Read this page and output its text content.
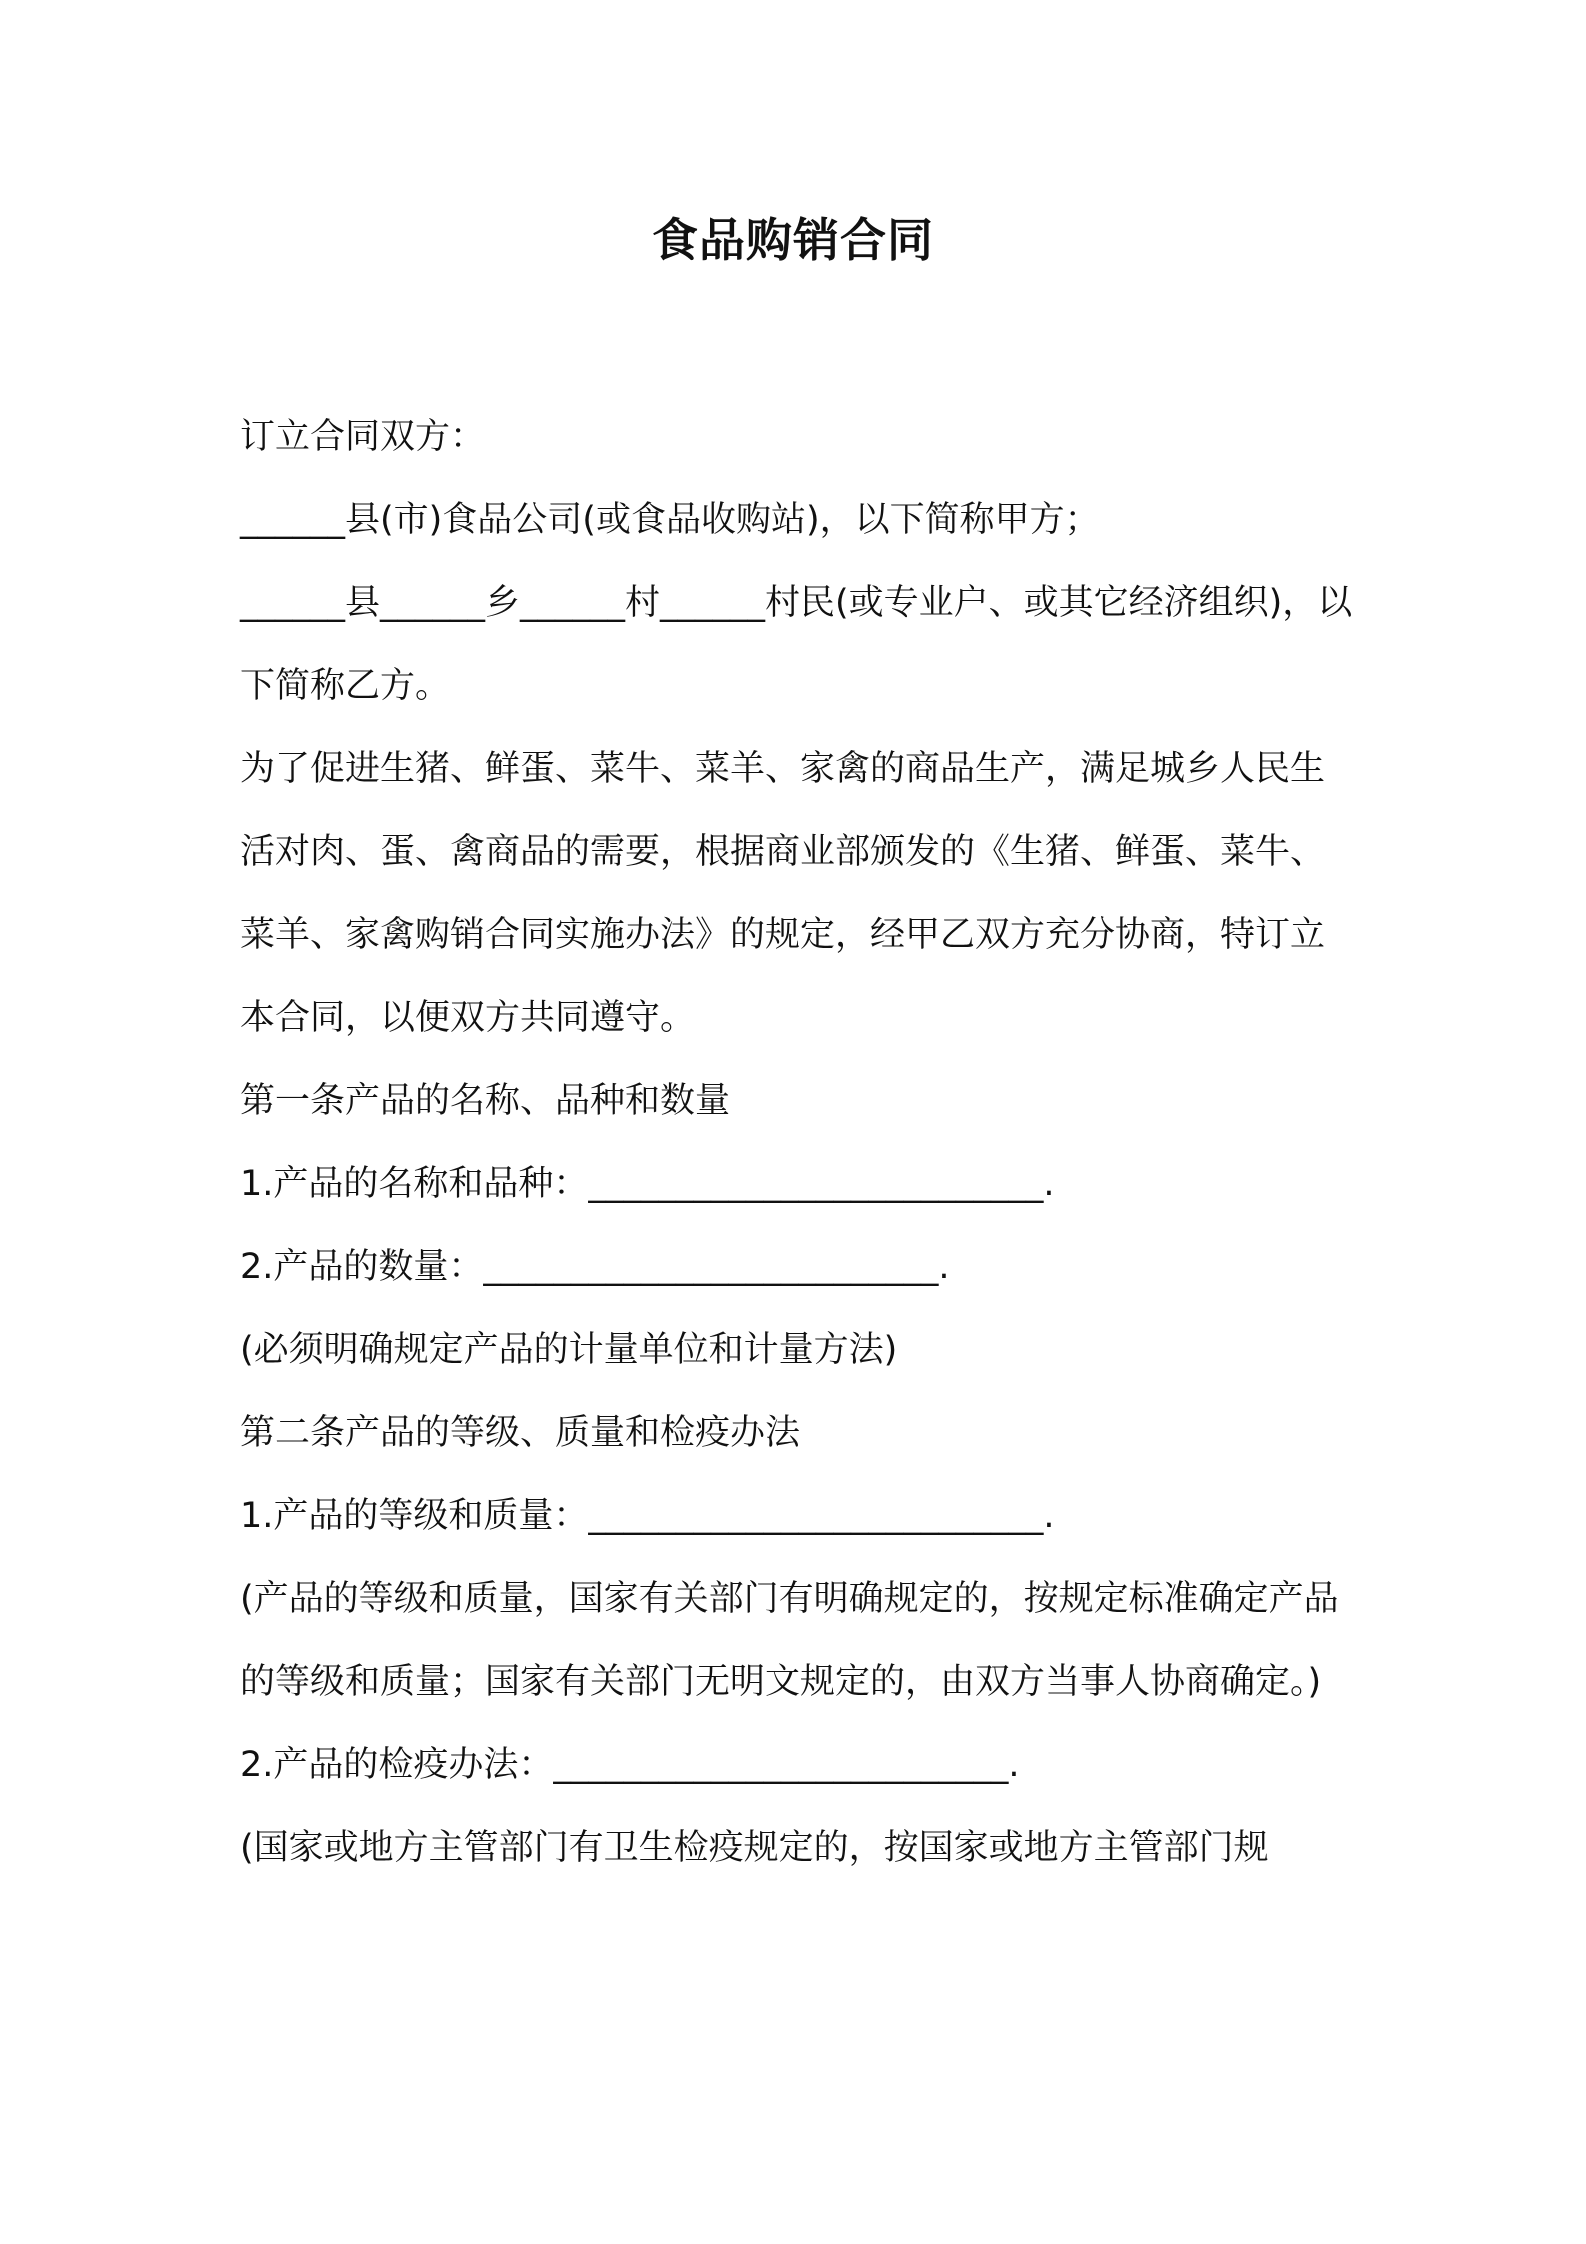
食品购销合同

订立合同双方：

______县(市)食品公司(或食品收购站)，以下简称甲方；

______县______乡______村______村民(或专业户、或其它经济组织)，以下简称乙方。

为了促进生猪、鲜蛋、菜牛、菜羊、家禽的商品生产，满足城乡人民生活对肉、蛋、禽商品的需要，根据商业部颁发的《生猪、鲜蛋、菜牛、菜羊、家禽购销合同实施办法》的规定，经甲乙双方充分协商，特订立本合同，以便双方共同遵守。

第一条产品的名称、品种和数量

1.产品的名称和品种：__________________________.

2.产品的数量：__________________________.

(必须明确规定产品的计量单位和计量方法)

第二条产品的等级、质量和检疫办法

1.产品的等级和质量：__________________________.

(产品的等级和质量，国家有关部门有明确规定的，按规定标准确定产品的等级和质量；国家有关部门无明文规定的，由双方当事人协商确定。)

2.产品的检疫办法：__________________________.

(国家或地方主管部门有卫生检疫规定的，按国家或地方主管部门规
